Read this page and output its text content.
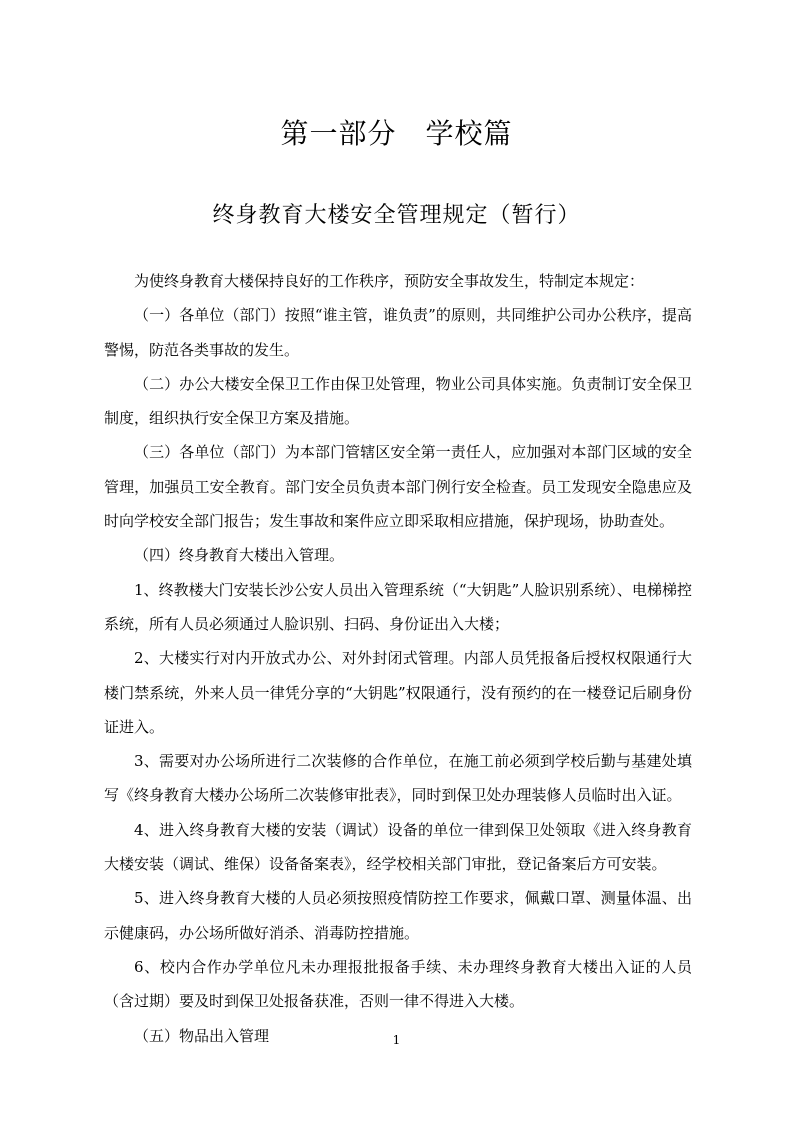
第一部分　学校篇
终身教育大楼安全管理规定（暂行）

为使终身教育大楼保持良好的工作秩序，预防安全事故发生，特制定本规定：

（一）各单位（部门）按照“谁主管，谁负责”的原则，共同维护公司办公秩序，提高警惕，防范各类事故的发生。

（二）办公大楼安全保卫工作由保卫处管理，物业公司具体实施。负责制订安全保卫制度，组织执行安全保卫方案及措施。

（三）各单位（部门）为本部门管辖区安全第一责任人，应加强对本部门区域的安全管理，加强员工安全教育。部门安全员负责本部门例行安全检查。员工发现安全隐患应及时向学校安全部门报告；发生事故和案件应立即采取相应措施，保护现场，协助查处。

（四）终身教育大楼出入管理。

1、终教楼大门安装长沙公安人员出入管理系统（“大钥匙”人脸识别系统）、电梯梯控系统，所有人员必须通过人脸识别、扫码、身份证出入大楼；

2、大楼实行对内开放式办公、对外封闭式管理。内部人员凭报备后授权权限通行大楼门禁系统，外来人员一律凭分享的“大钥匙”权限通行，没有预约的在一楼登记后刷身份证进入。

3、需要对办公场所进行二次装修的合作单位，在施工前必须到学校后勤与基建处填写《终身教育大楼办公场所二次装修审批表》，同时到保卫处办理装修人员临时出入证。

4、进入终身教育大楼的安装（调试）设备的单位一律到保卫处领取《进入终身教育大楼安装（调试、维保）设备备案表》，经学校相关部门审批，登记备案后方可安装。

5、进入终身教育大楼的人员必须按照疫情防控工作要求，佩戴口罩、测量体温、出示健康码，办公场所做好消杀、消毒防控措施。

6、校内合作办学单位凡未办理报批报备手续、未办理终身教育大楼出入证的人员（含过期）要及时到保卫处报备获准，否则一律不得进入大楼。

（五）物品出入管理	1
